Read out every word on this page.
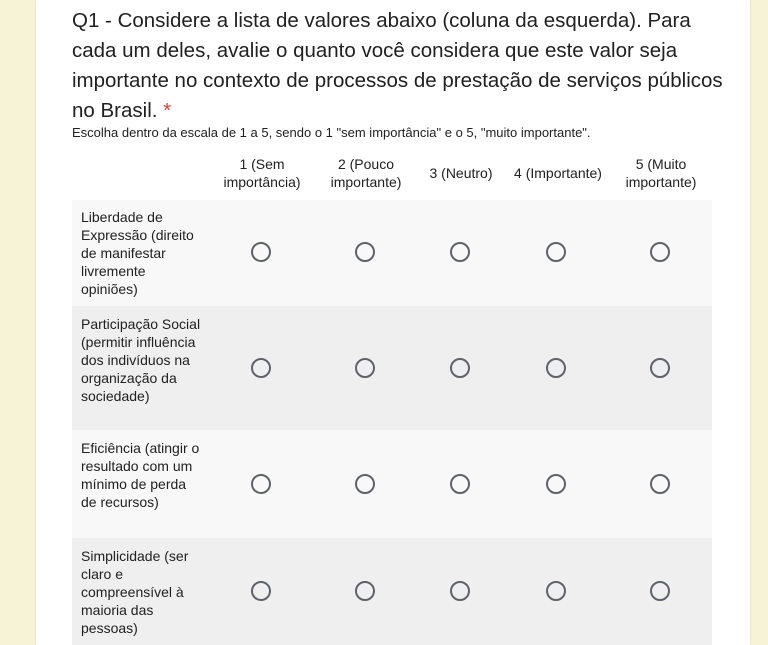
Q1 - Considere a lista de valores abaixo (coluna da esquerda). Para cada um deles, avalie o quanto você considera que este valor seja importante no contexto de processos de prestação de serviços públicos no Brasil. *
Escolha dentro da escala de 1 a 5, sendo o 1 "sem importância" e o 5, "muito importante".
1 (Sem importância)
2 (Pouco importante)
3 (Neutro)	4 (Importante)
5 (Muito importante)
Liberdade de Expressão (direito de manifestar livremente opiniões)
Participação Social (permitir influência dos indivíduos na organização da sociedade)
Eficiência (atingir o resultado com um mínimo de perda de recursos)
Simplicidade (ser claro e compreensível à maioria das pessoas)
